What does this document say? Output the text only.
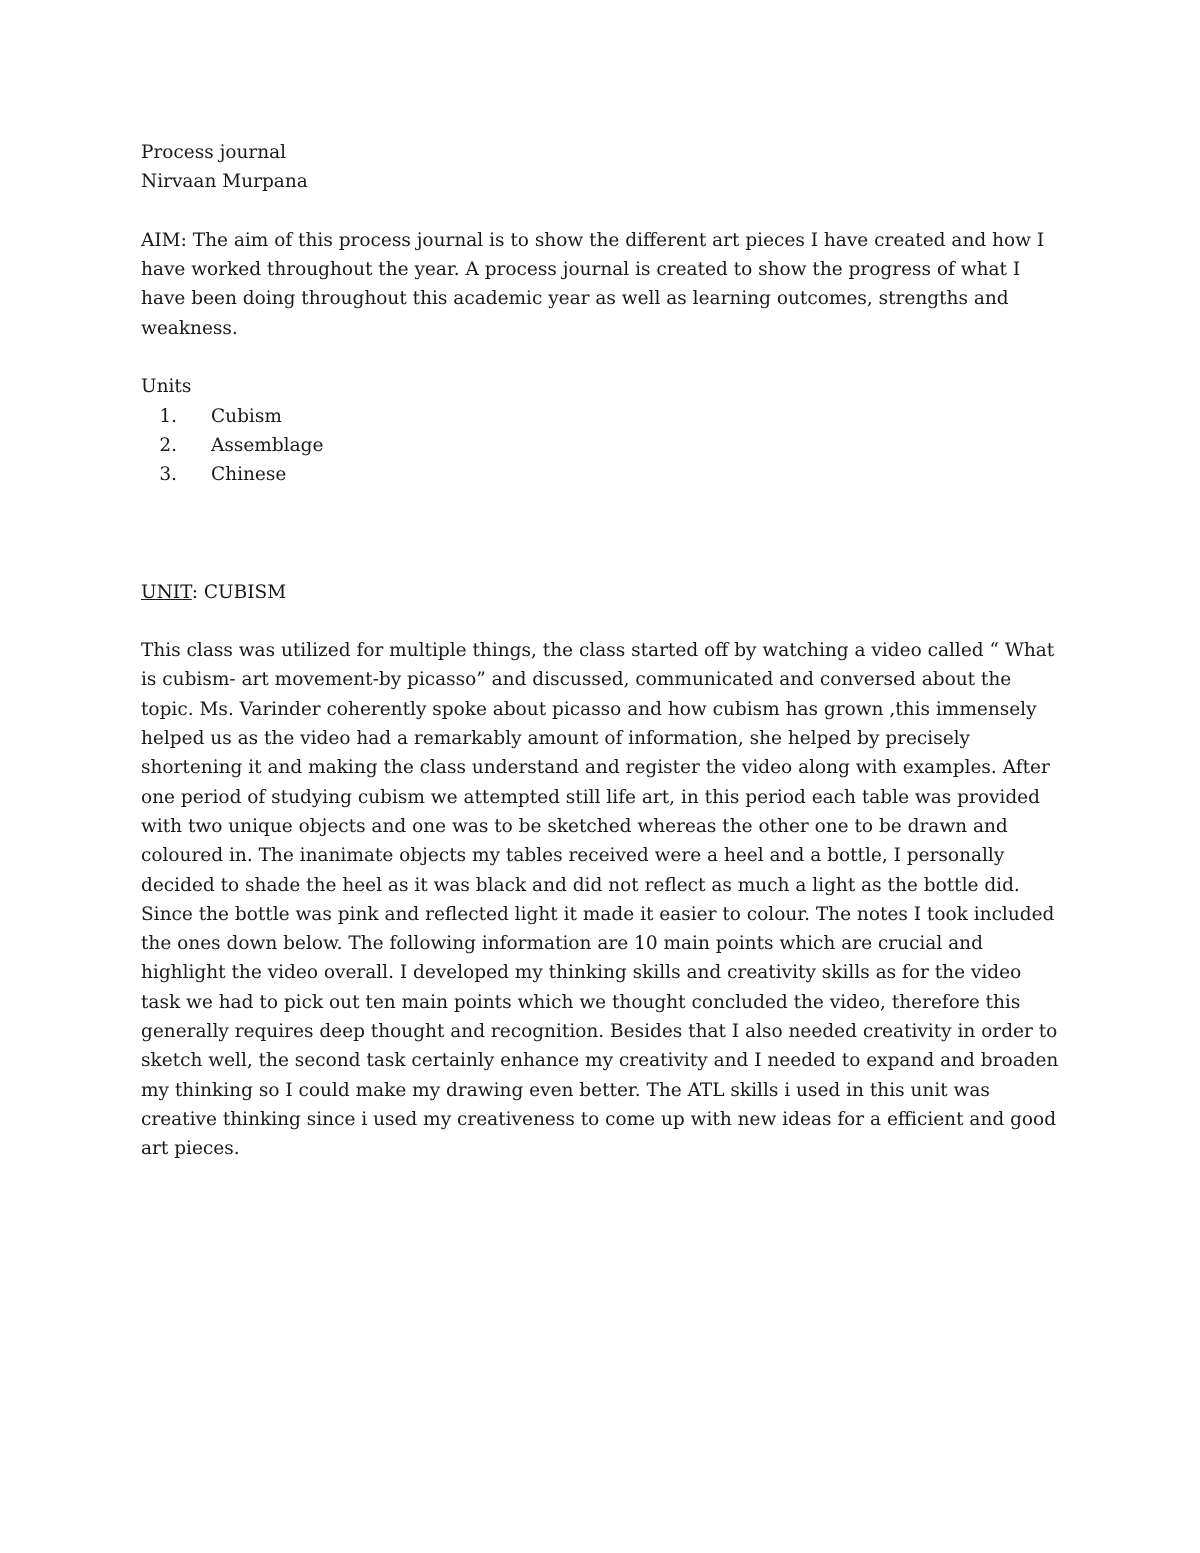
Process journal
Nirvaan Murpana

AIM: The aim of this process journal is to show the different art pieces I have created and how I have worked throughout the year. A process journal is created to show the progress of what I have been doing throughout this academic year as well as learning outcomes, strengths and weakness.

Units
1. Cubism
2. Assemblage
3. Chinese
UNIT: CUBISM

This class was utilized for multiple things, the class started off by watching a video called “ What is cubism- art movement-by picasso” and discussed, communicated and conversed about the topic. Ms. Varinder coherently spoke about picasso and how cubism has grown ,this immensely helped us as the video had a remarkably amount of information, she helped by precisely shortening it and making the class understand and register the video along with examples. After one period of studying cubism we attempted still life art, in this period each table was provided with two unique objects and one was to be sketched whereas the other one to be drawn and coloured in. The inanimate objects my tables received were a heel and a bottle, I personally decided to shade the heel as it was black and did not reflect as much a light as the bottle did. Since the bottle was pink and reflected light it made it easier to colour. The notes I took included the ones down below. The following information are 10 main points which are crucial and highlight the video overall. I developed my thinking skills and creativity skills as for the video task we had to pick out ten main points which we thought concluded the video, therefore this generally requires deep thought and recognition. Besides that I also needed creativity in order to sketch well, the second task certainly enhance my creativity and I needed to expand and broaden my thinking so I could make my drawing even better. The ATL skills i used in this unit was creative thinking since i used my creativeness to come up with new ideas for a efficient and good art pieces.
